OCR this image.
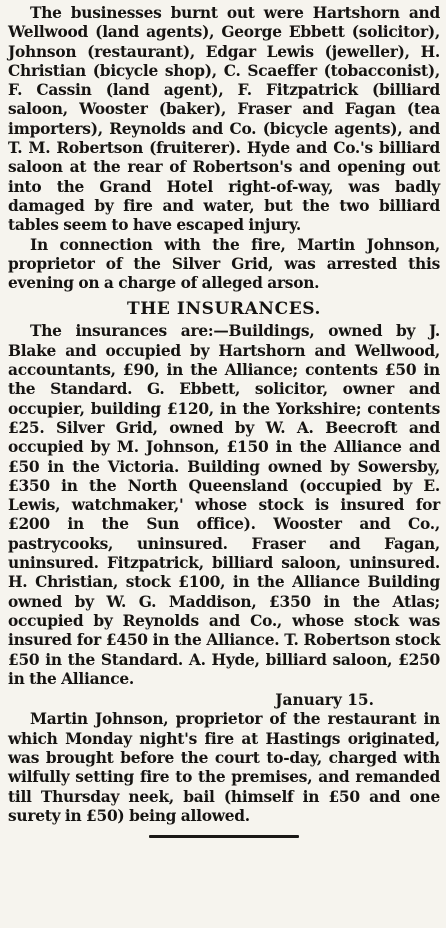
The businesses burnt out were Hartshorn and Wellwood (land agents), George Ebbett (solicitor), Johnson (restaurant), Edgar Lewis (jeweller), H. Christian (bicycle shop), C. Scaeffer (tobacconist), F. Cassin (land agent), F. Fitzpatrick (billiard saloon, Wooster (baker), Fraser and Fagan (tea importers), Reynolds and Co. (bicycle agents), and T. M. Robertson (fruiterer). Hyde and Co.'s billiard saloon at the rear of Robertson's and opening out into the Grand Hotel right-of-way, was badly damaged by fire and water, but the two billiard tables seem to have escaped injury.

In connection with the fire, Martin Johnson, proprietor of the Silver Grid, was arrested this evening on a charge of alleged arson.

THE INSURANCES.

The insurances are:—Buildings, owned by J. Blake and occupied by Hartshorn and Wellwood, accountants, £90, in the Alliance; contents £50 in the Standard. G. Ebbett, solicitor, owner and occupier, building £120, in the Yorkshire; contents £25. Silver Grid, owned by W. A. Beecroft and occupied by M. Johnson, £150 in the Alliance and £50 in the Victoria. Building owned by Sowersby, £350 in the North Queensland (occupied by E. Lewis, watchmaker,' whose stock is insured for £200 in the Sun office). Wooster and Co., pastrycooks, uninsured. Fraser and Fagan, uninsured. Fitzpatrick, billiard saloon, uninsured. H. Christian, stock £100, in the Alliance Building owned by W. G. Maddison, £350 in the Atlas; occupied by Reynolds and Co., whose stock was insured for £450 in the Alliance. T. Robertson stock £50 in the Standard. A. Hyde, billiard saloon, £250 in the Alliance.

January 15.

Martin Johnson, proprietor of the restaurant in which Monday night's fire at Hastings originated, was brought before the court to-day, charged with wilfully setting fire to the premises, and remanded till Thursday neek, bail (himself in £50 and one surety in £50) being allowed.
